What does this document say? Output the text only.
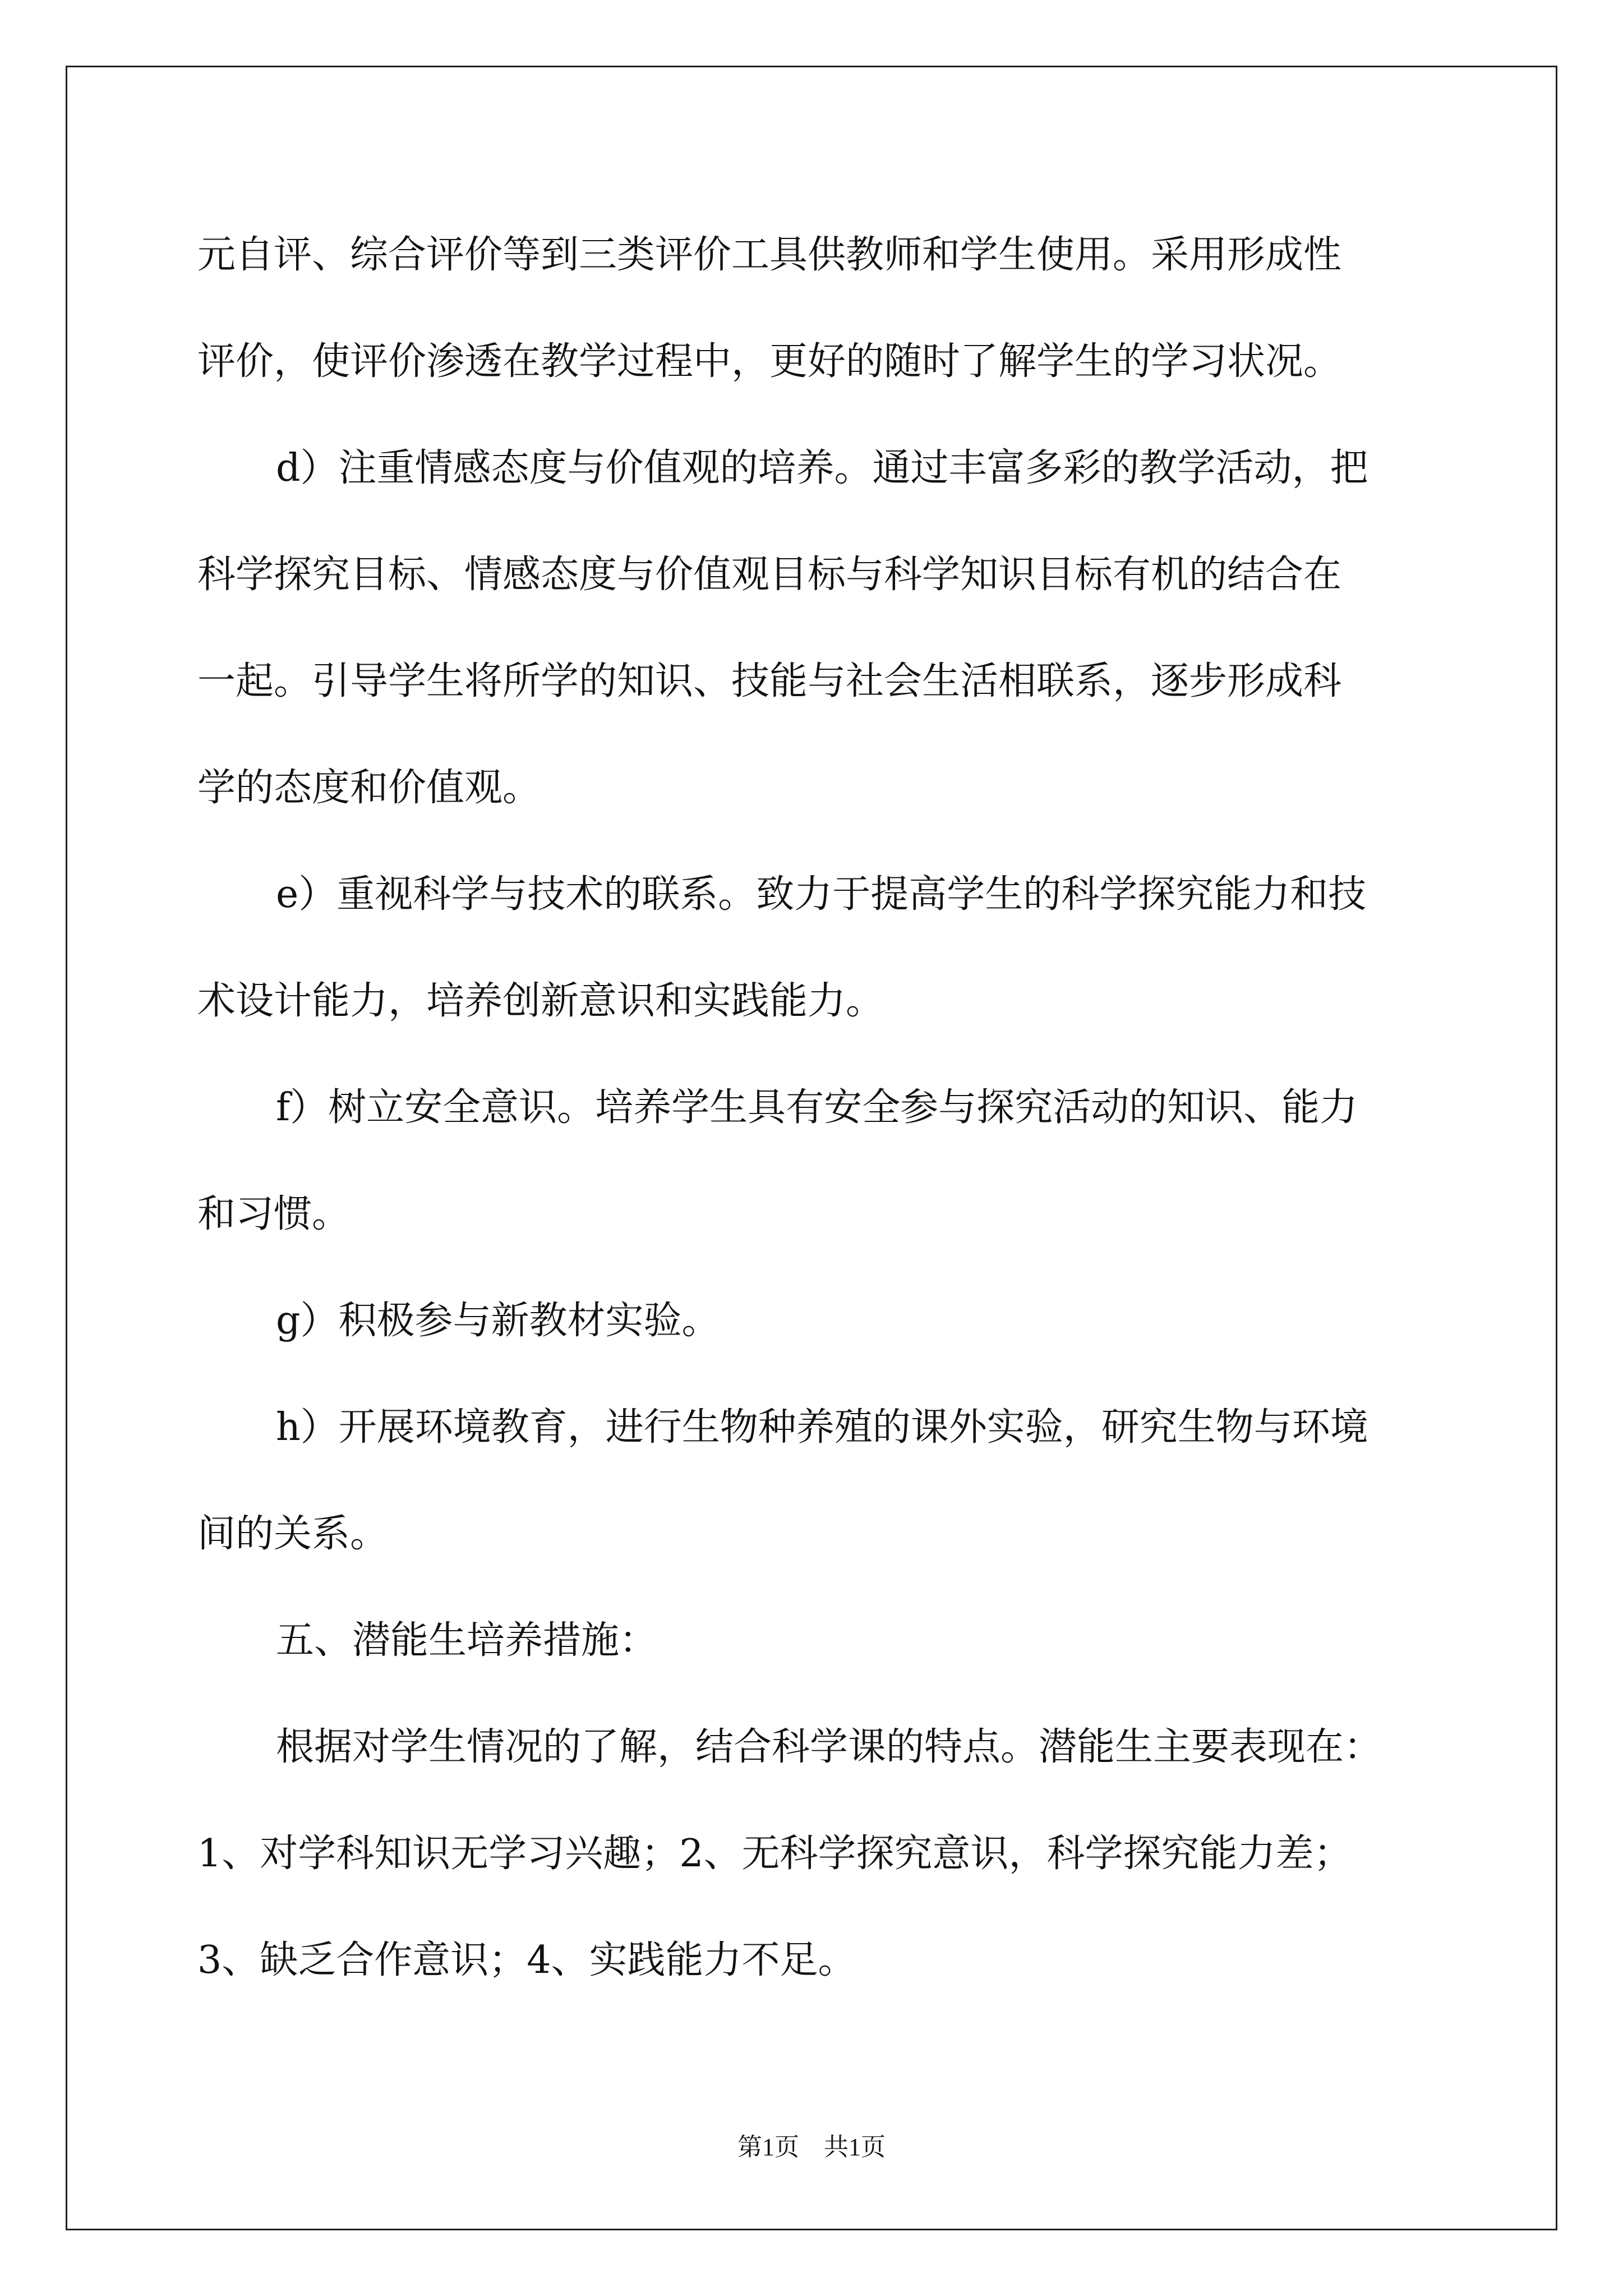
元自评、综合评价等到三类评价工具供教师和学生使用。采用形成性
评价，使评价渗透在教学过程中，更好的随时了解学生的学习状况。
d）注重情感态度与价值观的培养。通过丰富多彩的教学活动，把
科学探究目标、情感态度与价值观目标与科学知识目标有机的结合在
一起。引导学生将所学的知识、技能与社会生活相联系，逐步形成科
学的态度和价值观。
e）重视科学与技术的联系。致力于提高学生的科学探究能力和技
术设计能力，培养创新意识和实践能力。
f）树立安全意识。培养学生具有安全参与探究活动的知识、能力
和习惯。
g）积极参与新教材实验。
h）开展环境教育，进行生物种养殖的课外实验，研究生物与环境
间的关系。
五、潜能生培养措施：
根据对学生情况的了解，结合科学课的特点。潜能生主要表现在：
1、对学科知识无学习兴趣；2、无科学探究意识，科学探究能力差；
3、缺乏合作意识；4、实践能力不足。
第1页　共1页
